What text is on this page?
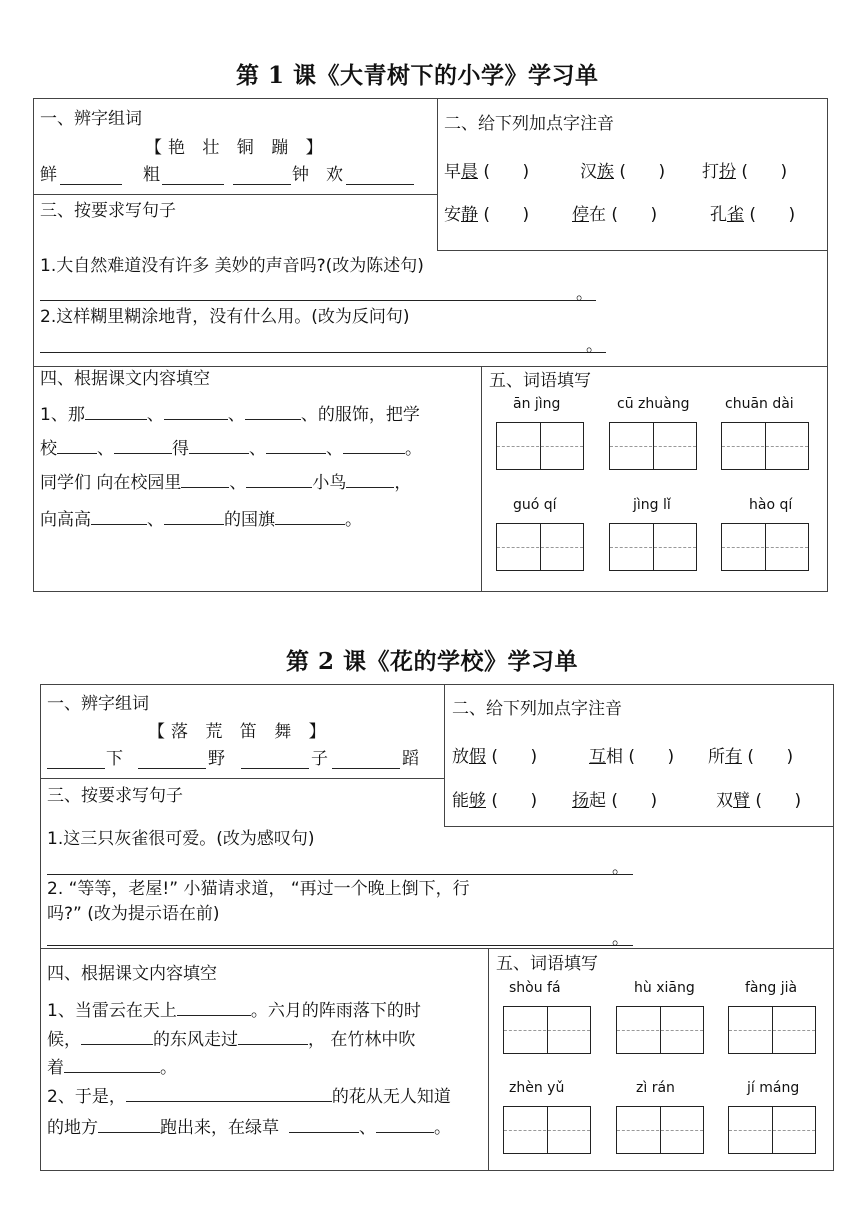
第 1 课《大青树下的小学》学习单
一、辨字组词
【艳 壮 铜 蹦 】
鲜	粗	钟 欢
二、给下列加点字注音
早晨 (      )	汉族 (      ) 打扮 (      )
安静 (      )	停在 (      )	孔雀 (      )
三、按要求写句子
1.大自然难道没有许多 美妙的声音吗?(改为陈述句)
。
2.这样糊里糊涂地背，没有什么用。(改为反问句)
。
四、根据课文内容填空
1、那	、	、	、的服饰，把学
校 、	得	、	、	。
同学们 向在校园里	、	小鸟	，
向高高	、	的国旗	。
五、词语填写
ān jìng	cū zhuàng	chuān dài
guó qí	jìng lǐ	hào qí
第 2 课《花的学校》学习单
一、辨字组词
【落 荒 笛 舞 】
下	野	子	蹈
二、给下列加点字注音
放假 (      )	互相 (      ) 所有 (      )
能够 (      ) 扬起 (      )	双臂 (      )
三、按要求写句子
1.这三只灰雀很可爱。(改为感叹句)
。
2. “等等，老屋!” 小猫请求道， “再过一个晚上倒下，行
吗?” (改为提示语在前)
。
四、根据课文内容填空
1、当雷云在天上	。六月的阵雨落下的时
候，	的东风走过	， 在竹林中吹
着	。
2、于是，	的花从无人知道
的地方	跑出来，在绿草	、	。
五、词语填写
shòu fá	hù xiāng	fàng jià
zhèn yǔ	zì rán	jí máng
